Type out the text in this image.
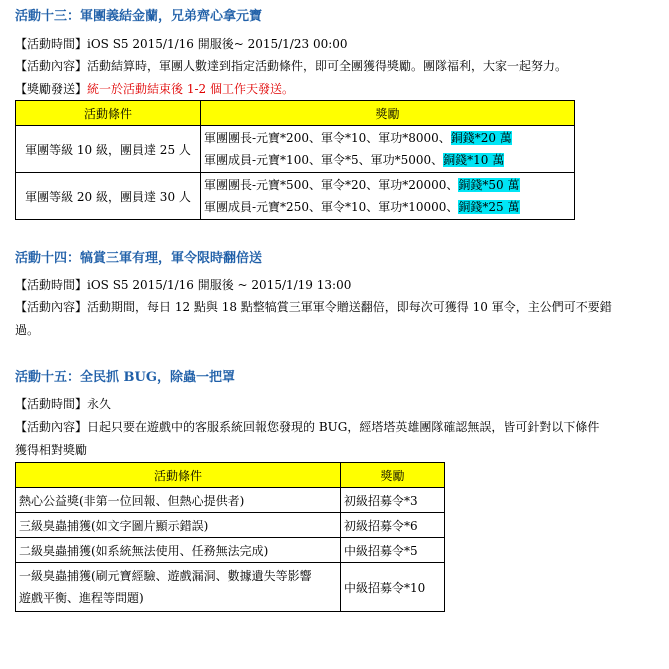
活動十三：軍團義結金蘭，兄弟齊心拿元寶
【活動時間】iOS S5 2015/1/16 開服後~ 2015/1/23 00:00
【活動內容】活動結算時，軍團人數達到指定活動條件，即可全團獲得獎勵。團隊福利，大家一起努力。
【獎勵發送】統一於活動結束後 1-2 個工作天發送。
活動條件	獎勵
軍團等級 10 級，團員達 25 人	軍團團長-元寶*200、軍令*10、軍功*8000、銅錢*20 萬
軍團成員-元寶*100、軍令*5、軍功*5000、銅錢*10 萬

軍團等級 20 級，團員達 30 人	軍團團長-元寶*500、軍令*20、軍功*20000、銅錢*50 萬
軍團成員-元寶*250、軍令*10、軍功*10000、銅錢*25 萬
活動十四：犒賞三軍有理，軍令限時翻倍送
【活動時間】iOS S5 2015/1/16 開服後 ~ 2015/1/19 13:00
【活動內容】活動期間，每日 12 點與 18 點整犒賞三軍軍令贈送翻倍，即每次可獲得 10 軍令，主公們可不要錯
過。
活動十五：全民抓 BUG，除蟲一把罩
【活動時間】永久
【活動內容】日起只要在遊戲中的客服系統回報您發現的 BUG，經塔塔英雄團隊確認無誤，皆可針對以下條件
獲得相對獎勵
活動條件	獎勵
熱心公益獎(非第一位回報、但熱心提供者)	初級招募令*3
三級臭蟲捕獲(如文字圖片顯示錯誤)	初級招募令*6
二級臭蟲捕獲(如系統無法使用、任務無法完成)	中級招募令*5

一級臭蟲捕獲(刷元寶經驗、遊戲漏洞、數據遺失等影響
遊戲平衡、進程等問題)	中級招募令*10
